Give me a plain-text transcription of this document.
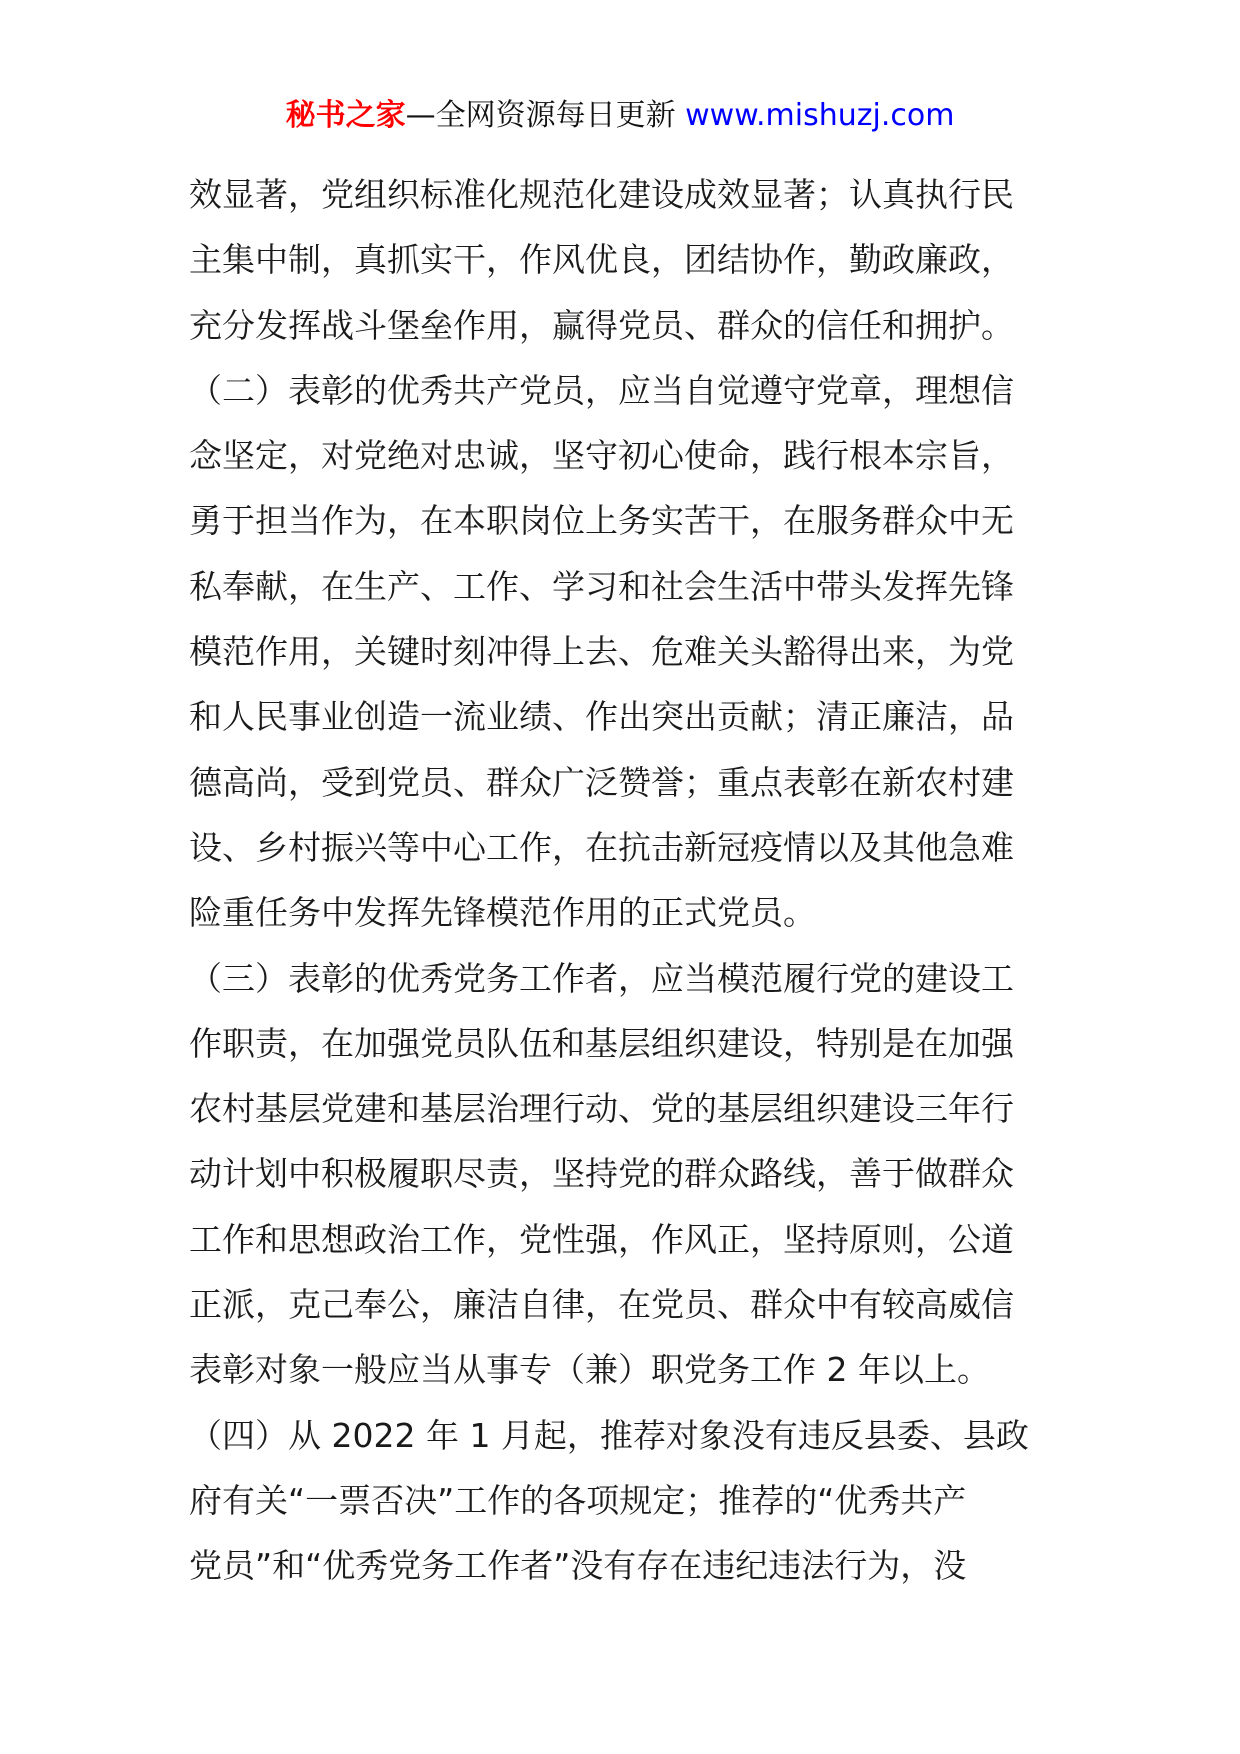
秘书之家—全网资源每日更新 www.mishuzj.com
效显著，党组织标准化规范化建设成效显著；认真执行民
主集中制，真抓实干，作风优良，团结协作，勤政廉政，
充分发挥战斗堡垒作用，赢得党员、群众的信任和拥护。
（二）表彰的优秀共产党员，应当自觉遵守党章，理想信
念坚定，对党绝对忠诚，坚守初心使命，践行根本宗旨，
勇于担当作为，在本职岗位上务实苦干，在服务群众中无
私奉献，在生产、工作、学习和社会生活中带头发挥先锋
模范作用，关键时刻冲得上去、危难关头豁得出来，为党
和人民事业创造一流业绩、作出突出贡献；清正廉洁，品
德高尚，受到党员、群众广泛赞誉；重点表彰在新农村建
设、乡村振兴等中心工作，在抗击新冠疫情以及其他急难
险重任务中发挥先锋模范作用的正式党员。
（三）表彰的优秀党务工作者，应当模范履行党的建设工
作职责，在加强党员队伍和基层组织建设，特别是在加强
农村基层党建和基层治理行动、党的基层组织建设三年行
动计划中积极履职尽责，坚持党的群众路线，善于做群众
工作和思想政治工作，党性强，作风正，坚持原则，公道
正派，克己奉公，廉洁自律，在党员、群众中有较高威信
表彰对象一般应当从事专（兼）职党务工作 2 年以上。
（四）从 2022 年 1 月起，推荐对象没有违反县委、县政
府有关“一票否决”工作的各项规定；推荐的“优秀共产
党员”和“优秀党务工作者”没有存在违纪违法行为，没
